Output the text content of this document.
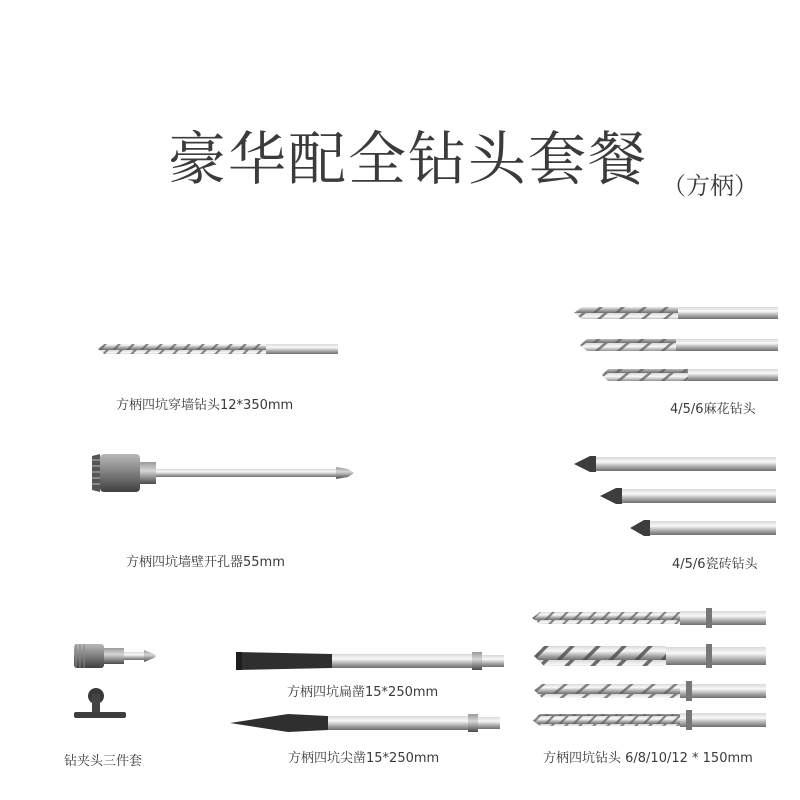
豪华配全钻头套餐 （方柄）
方柄四坑穿墙钻头12*350mm	4/5/6麻花钻头
方柄四坑墙壁开孔器55mm	4/5/6瓷砖钻头
钻夹头三件套
方柄四坑扁凿15*250mm
方柄四坑尖凿15*250mm	方柄四坑钻头 6/8/10/12 * 150mm
